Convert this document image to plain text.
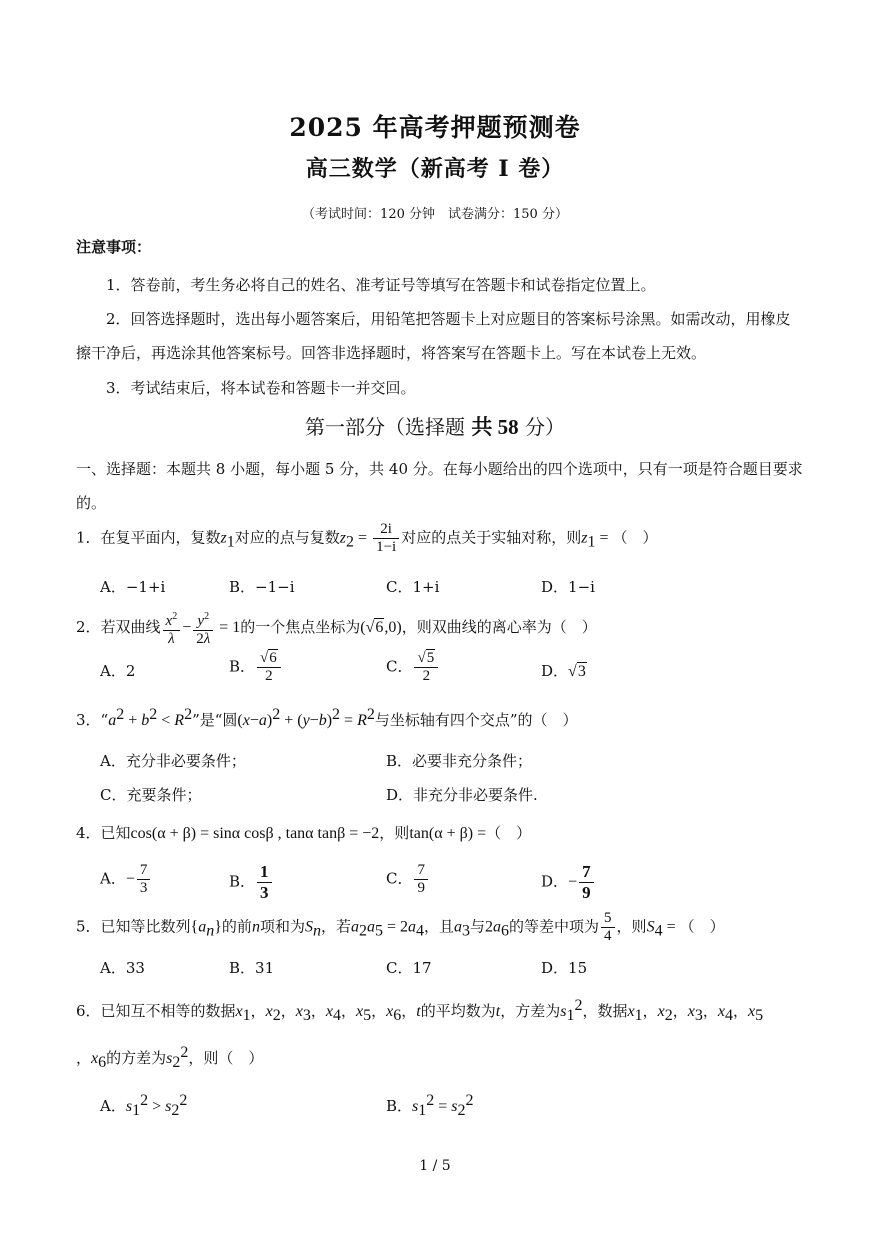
2025 年高考押题预测卷
高三数学（新高考 I 卷）
（考试时间：120 分钟　试卷满分：150 分）
注意事项：
1．答卷前，考生务必将自己的姓名、准考证号等填写在答题卡和试卷指定位置上。
2．回答选择题时，选出每小题答案后，用铅笔把答题卡上对应题目的答案标号涂黑。如需改动，用橡皮擦干净后，再选涂其他答案标号。回答非选择题时，将答案写在答题卡上。写在本试卷上无效。
3．考试结束后，将本试卷和答题卡一并交回。
第一部分（选择题 共 58 分）
一、选择题：本题共 8 小题，每小题 5 分，共 40 分。在每小题给出的四个选项中，只有一项是符合题目要求的。
1．在复平面内，复数$z_1$对应的点与复数$z_2 = \frac{2i}{1-i}$ 对应的点关于实轴对称，则$z_1$ = （　）
A．−1+i	B．−1−i	C．1+i	D．1−i
2．若双曲线 $\frac{x^2}{\lambda} - \frac{y^2}{2\lambda} = 1$的一个焦点坐标为(√6,0)，则双曲线的离心率为（　）
A．2	B． $\frac{√6}{2}$	C． $\frac{√5}{2}$	D．√3
3．“$a^2 + b^2 < R^2$”是“圆$(x-a)^2 + (y-b)^2 = R^2$与坐标轴有四个交点”的（　）
A．充分非必要条件；	B．必要非充分条件；
C．充要条件；	D．非充分非必要条件.
4．已知cos(α + β) = sinα cosβ , tanα tanβ = −2，则tan(α + β) =（　）
A．− $\frac{7}{3}$	B． $\frac{1}{3}$	C． $\frac{7}{9}$	D．− $\frac{7}{9}$
5．已知等比数列$\{a_n\}$的前n项和为$S_n$，若$a_2a_5 = 2a_4$，且$a_3$与$2a_6$的等差中项为 $\frac{5}{4}$ ，则$S_4$ = （　）
A．33	B．31	C．17	D．15
6．已知互不相等的数据$x_1$，$x_2$，$x_3$，$x_4$，$x_5$，$x_6$，t的平均数为t，方差为$s_1^2$，数据$x_1$，$x_2$，$x_3$，$x_4$，$x_5$
，$x_6$的方差为$s_2^2$，则（　）
A．$s_1^2 > s_2^2$	B．$s_1^2 = s_2^2$
1 / 5
